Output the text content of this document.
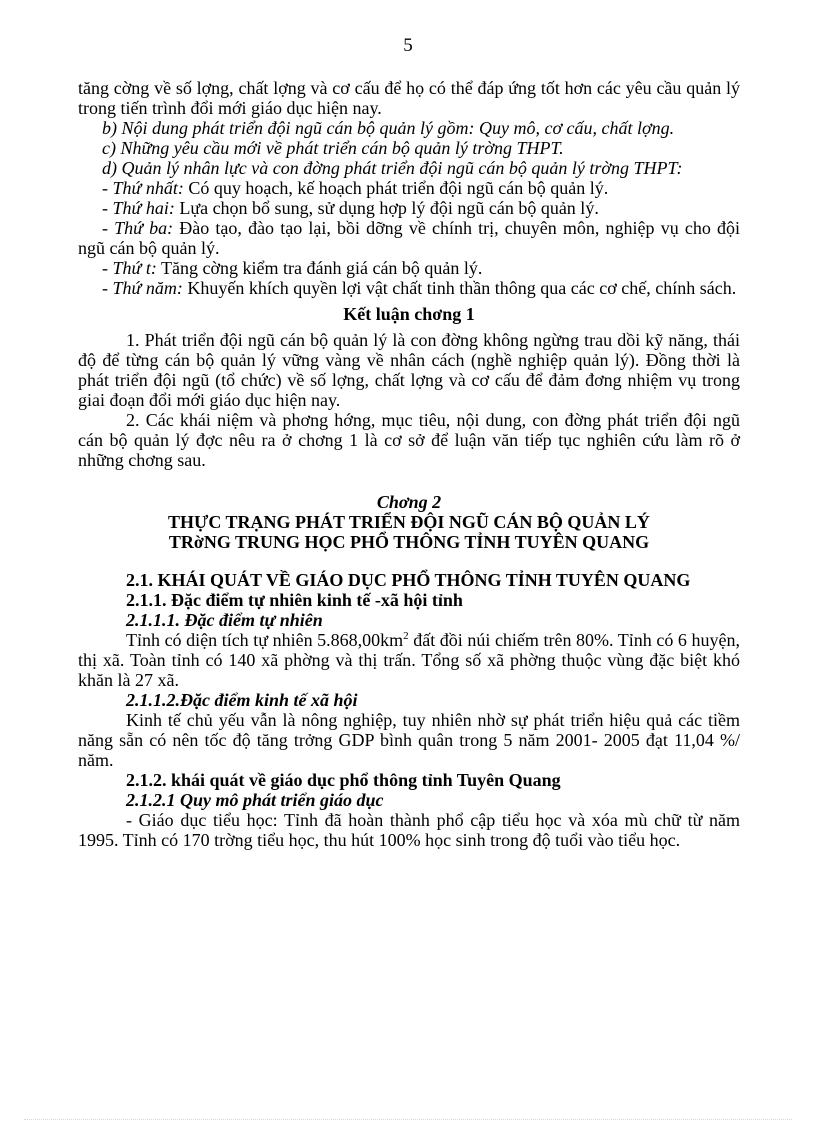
5

tăng cờng về số lợng, chất lợng và cơ cấu để họ có thể đáp ứng tốt hơn các yêu cầu quản lý trong tiến trình đổi mới giáo dục hiện nay.

b) Nội dung phát triển đội ngũ cán bộ quản lý gồm: Quy mô, cơ cấu, chất lợng.

c) Những yêu cầu mới về phát triển cán bộ quản lý trờng THPT.

d) Quản lý nhân lực và con đờng phát triển đội ngũ cán bộ quản lý trờng THPT:

- Thứ nhất: Có quy hoạch, kế hoạch phát triển đội ngũ cán bộ quản lý.

- Thứ hai: Lựa chọn bổ sung, sử dụng hợp lý đội ngũ cán bộ quản lý.

- Thứ ba: Đào tạo, đào tạo lại, bồi dỡng về chính trị, chuyên môn, nghiệp vụ cho đội ngũ cán bộ quản lý.

- Thứ t: Tăng cờng kiểm tra đánh giá cán bộ quản lý.

- Thứ năm: Khuyến khích quyền lợi vật chất tinh thần thông qua các cơ chế, chính sách.

Kết luận chơng 1

1. Phát triển đội ngũ cán bộ quản lý là con đờng không ngừng trau dồi kỹ năng, thái độ để từng cán bộ quản lý vững vàng về nhân cách (nghề nghiệp quản lý). Đồng thời là phát triển đội ngũ (tổ chức) về số lợng, chất lợng và cơ cấu để đảm đơng nhiệm vụ trong giai đoạn đổi mới giáo dục hiện nay.

2. Các khái niệm và phơng hớng, mục tiêu, nội dung, con đờng phát triển đội ngũ cán bộ quản lý đợc nêu ra ở chơng 1 là cơ sở để luận văn tiếp tục nghiên cứu làm rõ ở những chơng sau.

Chơng 2

THỰC TRẠNG PHÁT TRIỂN ĐỘI NGŨ CÁN BỘ QUẢN LÝ

TRờNG TRUNG HỌC PHỔ THÔNG TỈNH TUYÊN QUANG

2.1. KHÁI QUÁT VỀ GIÁO DỤC PHỔ THÔNG TỈNH TUYÊN QUANG

2.1.1. Đặc điểm tự nhiên kinh tế -xã hội tỉnh

2.1.1.1. Đặc điểm tự nhiên

Tỉnh có diện tích tự nhiên $5.868,00km^2$ đất đồi núi chiếm trên 80%. Tỉnh có 6 huyện, thị xã. Toàn tỉnh có 140 xã phờng và thị trấn. Tổng số xã phờng thuộc vùng đặc biệt khó khăn là 27 xã.

2.1.1.2.Đặc điểm kinh tế xã hội

Kinh tế chủ yếu vẫn là nông nghiệp, tuy nhiên nhờ sự phát triển hiệu quả các tiềm năng sẵn có nên tốc độ tăng trởng GDP bình quân trong 5 năm 2001- 2005 đạt 11,04 %/ năm.

2.1.2. khái quát về giáo dục phổ thông tỉnh Tuyên Quang

2.1.2.1 Quy mô phát triển giáo dục

- Giáo dục tiểu học: Tỉnh đã hoàn thành phổ cập tiểu học và xóa mù chữ từ năm 1995. Tỉnh có 170 trờng tiểu học, thu hút 100% học sinh trong độ tuổi vào tiểu học.
